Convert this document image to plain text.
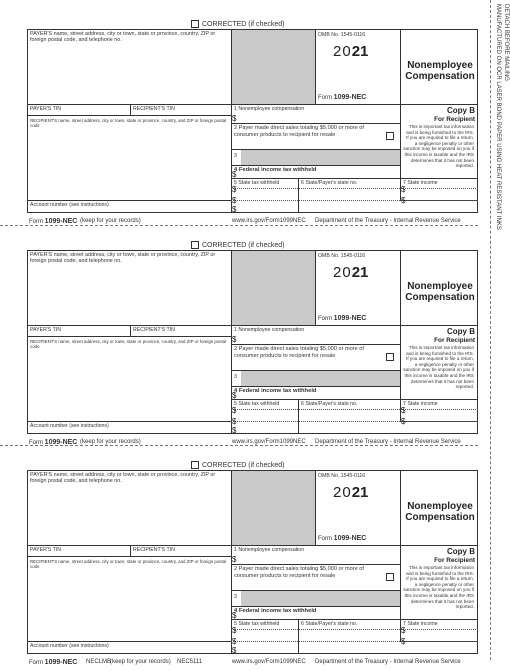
CORRECTED (if checked)
PAYER'S name, street address, city or town, state or province, country, ZIP or foreign postal code, and telephone no.
OMB No. 1545-0116
2021
Form 1099-NEC
Nonemployee
Compensation
PAYER'S TIN	RECIPIENT'S TIN
RECIPIENT'S name, street address, city or town, state or province, country, and ZIP or foreign postal code
Account number (see instructions)
1 Nonemployee compensation
$
2 Payer made direct sales totaling $5,000 or more of consumer products to recipient for resale
3
4 Federal income tax withheld
$
5 State tax withheld
$
$
$
6 State/Payer's state no.	7 State income
$
$
Copy B
For Recipient
This is important tax information and is being furnished to the IRS. If you are required to file a return, a negligence penalty or other sanction may be imposed on you if this income is taxable and the IRS determines that it has not been reported.
Form 1099-NEC (keep for your records)	www.irs.gov/Form1099NEC Department of the Treasury - Internal Revenue Service
CORRECTED (if checked)
PAYER'S name, street address, city or town, state or province, country, ZIP or foreign postal code, and telephone no.
OMB No. 1545-0116
2021
Form 1099-NEC
Nonemployee
Compensation
PAYER'S TIN	RECIPIENT'S TIN
RECIPIENT'S name, street address, city or town, state or province, country, and ZIP or foreign postal code
Account number (see instructions)
1 Nonemployee compensation
$
2 Payer made direct sales totaling $5,000 or more of consumer products to recipient for resale
3
4 Federal income tax withheld
$
5 State tax withheld
$
$
$
6 State/Payer's state no.	7 State income
$
$
Copy B
For Recipient
This is important tax information and is being furnished to the IRS. If you are required to file a return, a negligence penalty or other sanction may be imposed on you if this income is taxable and the IRS determines that it has not been reported.
Form 1099-NEC (keep for your records)	www.irs.gov/Form1099NEC Department of the Treasury - Internal Revenue Service
CORRECTED (if checked)
PAYER'S name, street address, city or town, state or province, country, ZIP or foreign postal code, and telephone no.
OMB No. 1545-0116
2021
Form 1099-NEC
Nonemployee
Compensation
PAYER'S TIN	RECIPIENT'S TIN
RECIPIENT'S name, street address, city or town, state or province, country, and ZIP or foreign postal code
Account number (see instructions)
1 Nonemployee compensation
$
2 Payer made direct sales totaling $5,000 or more of consumer products to recipient for resale
3
4 Federal income tax withheld
$
5 State tax withheld
$
$
$
6 State/Payer's state no.	7 State income
$
$
Copy B
For Recipient
This is important tax information and is being furnished to the IRS. If you are required to file a return, a negligence penalty or other sanction may be imposed on you if this income is taxable and the IRS determines that it has not been reported.
Form 1099-NEC NECLMB
(keep for your records) NEC5111	www.irs.gov/Form1099NEC Department of the Treasury - Internal Revenue Service
DETACH BEFORE MAILING
MANUFACTURED ON OCR LASER BOND PAPER USING HEAT RESISTANT INKS
